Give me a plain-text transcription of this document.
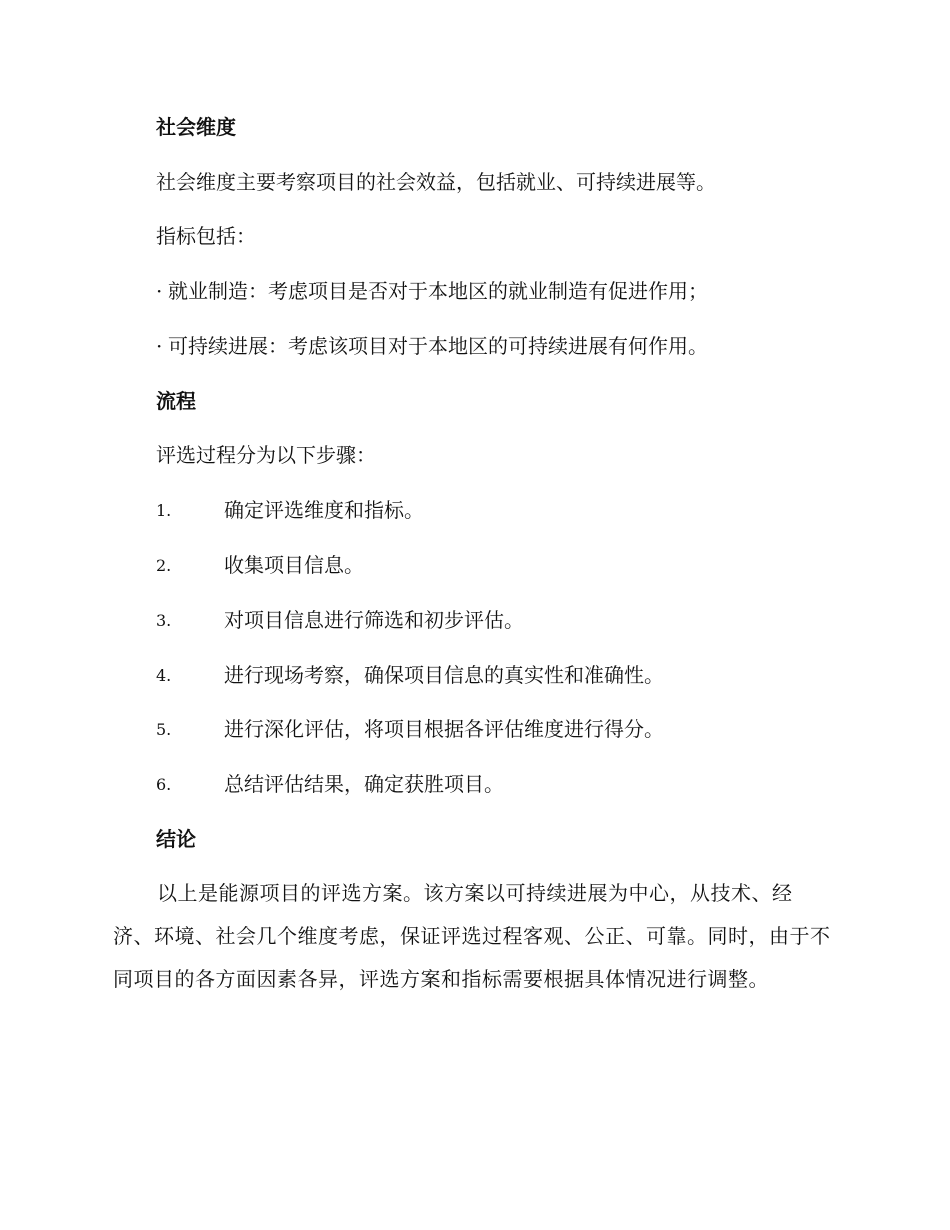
社会维度
社会维度主要考察项目的社会效益，包括就业、可持续进展等。
指标包括：
· 就业制造：考虑项目是否对于本地区的就业制造有促进作用；
· 可持续进展：考虑该项目对于本地区的可持续进展有何作用。
流程
评选过程分为以下步骤：
1.	确定评选维度和指标。
2.	收集项目信息。
3.	对项目信息进行筛选和初步评估。
4.	进行现场考察，确保项目信息的真实性和准确性。
5.	进行深化评估，将项目根据各评估维度进行得分。
6.	总结评估结果，确定获胜项目。
结论
以上是能源项目的评选方案。该方案以可持续进展为中心，从技术、经济、环境、社会几个维度考虑，保证评选过程客观、公正、可靠。同时，由于不同项目的各方面因素各异，评选方案和指标需要根据具体情况进行调整。
